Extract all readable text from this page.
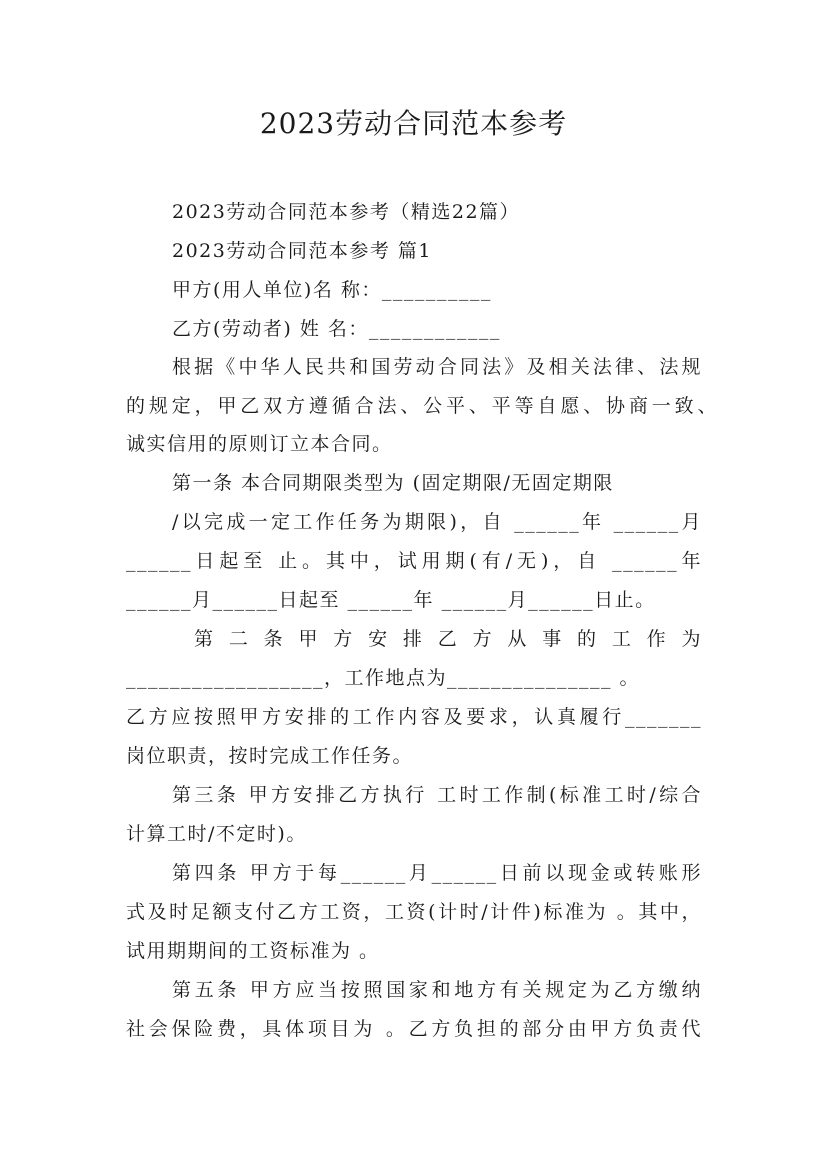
2023劳动合同范本参考
2023劳动合同范本参考（精选22篇）
2023劳动合同范本参考 篇1
甲方(用人单位)名 称：__________
乙方(劳动者) 姓 名：____________
根据《中华人民共和国劳动合同法》及相关法律、法规
的规定，甲乙双方遵循合法、公平、平等自愿、协商一致、
诚实信用的原则订立本合同。
第一条 本合同期限类型为 (固定期限/无固定期限
/以完成一定工作任务为期限)，自 ______年 ______月
______日起至 止。其中，试用期(有/无)，自 ______年
______月______日起至 ______年 ______月______日止。
第 二 条 甲 方 安 排 乙 方 从 事 的 工 作 为
__________________，工作地点为_______________ 。
乙方应按照甲方安排的工作内容及要求，认真履行_______
岗位职责，按时完成工作任务。
第三条 甲方安排乙方执行 工时工作制(标准工时/综合
计算工时/不定时)。
第四条 甲方于每______月______日前以现金或转账形
式及时足额支付乙方工资，工资(计时/计件)标准为 。其中，
试用期期间的工资标准为 。
第五条 甲方应当按照国家和地方有关规定为乙方缴纳
社会保险费，具体项目为 。乙方负担的部分由甲方负责代
